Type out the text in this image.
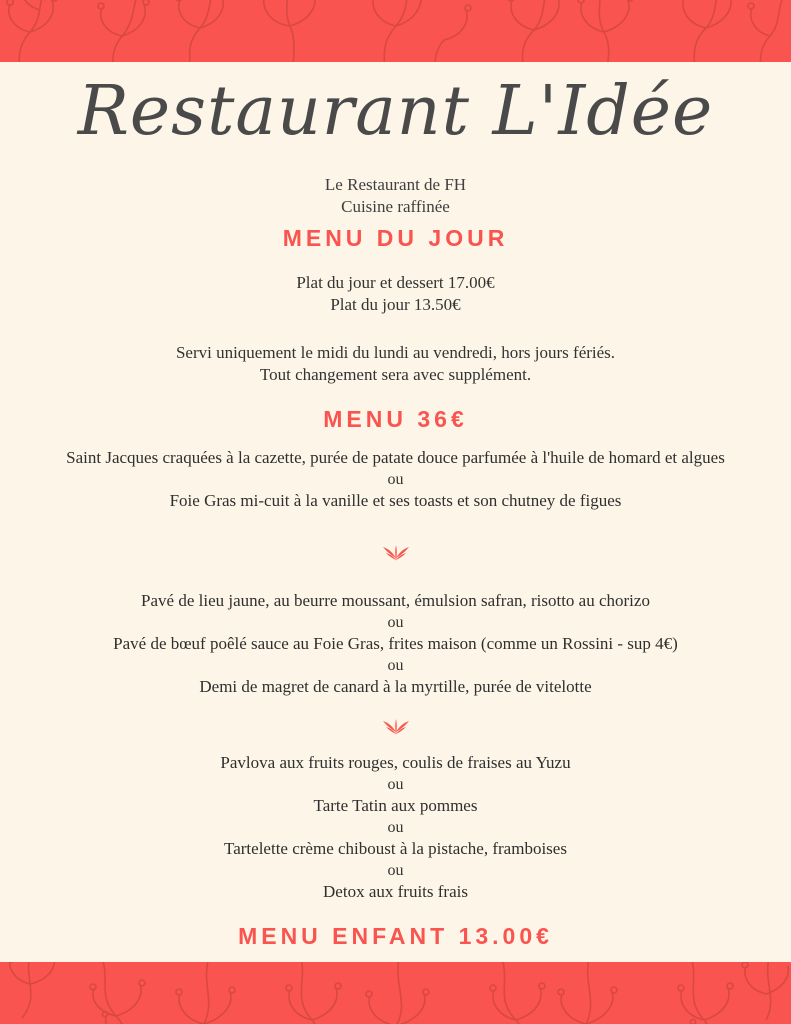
Restaurant L'Idée
Le Restaurant de FH
Cuisine raffinée
MENU DU JOUR
Plat du jour et dessert 17.00€
Plat du jour 13.50€
Servi uniquement le midi du lundi au vendredi, hors jours fériés.
Tout changement sera avec supplément.
MENU 36€
Saint Jacques craquées à la cazette, purée de patate douce parfumée à l'huile de homard et algues
ou
Foie Gras mi-cuit à la vanille et ses toasts et son chutney de figues
Pavé de lieu jaune, au beurre moussant, émulsion safran, risotto au chorizo
ou
Pavé de bœuf poêlé sauce au Foie Gras, frites maison (comme un Rossini - sup 4€)
ou
Demi de magret de canard à la myrtille, purée de vitelotte
Pavlova aux fruits rouges, coulis de fraises au Yuzu
ou
Tarte Tatin aux pommes
ou
Tartelette crème chiboust à la pistache, framboises
ou
Detox aux fruits frais
MENU ENFANT 13.00€
